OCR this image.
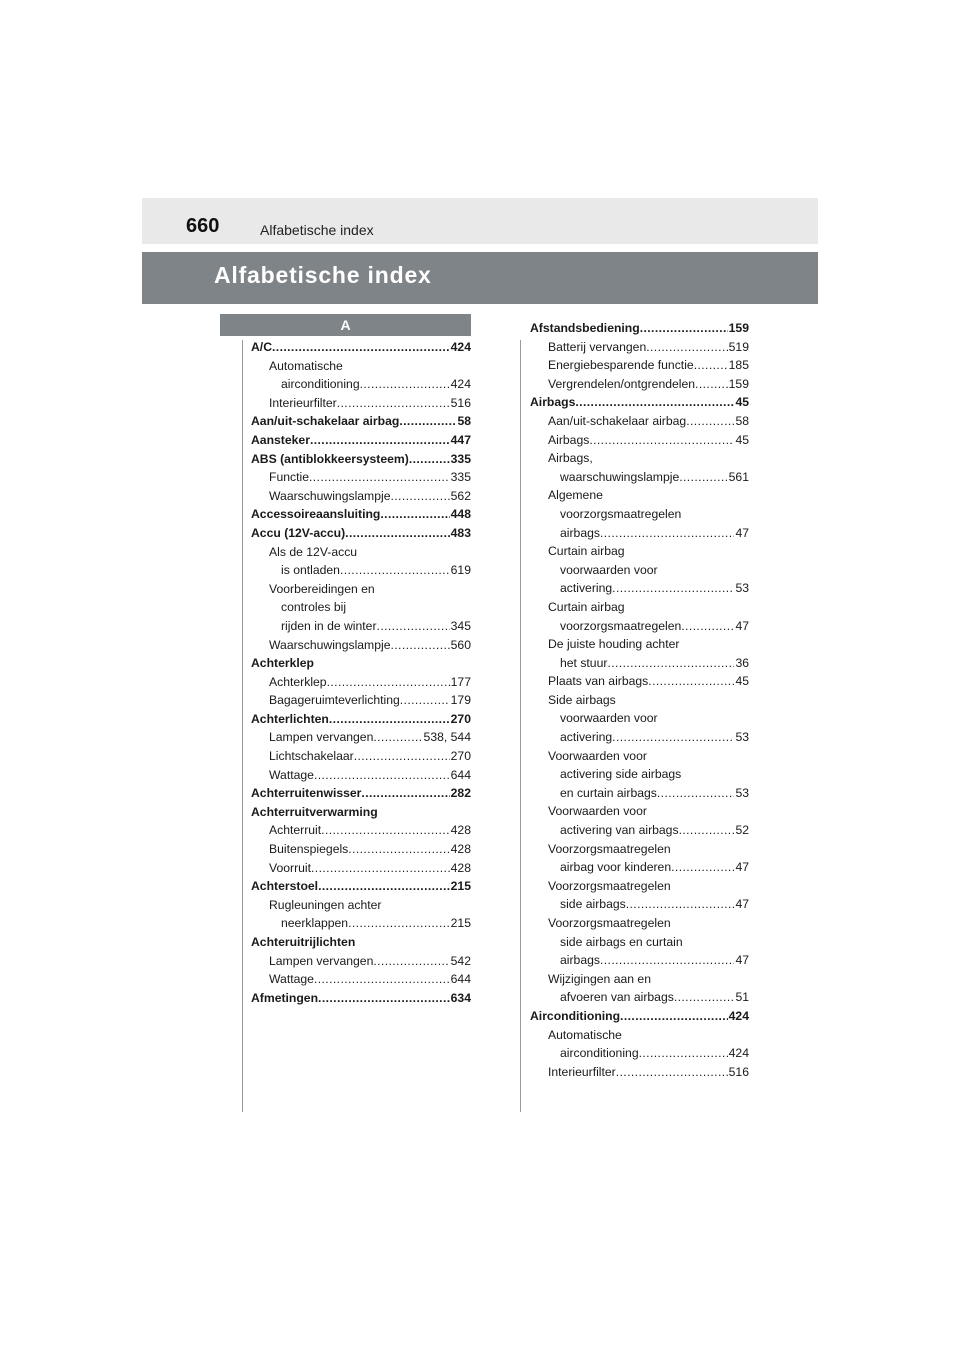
660	Alfabetische index
Alfabetische index
A
A/C .....	424
Automatische
airconditioning .....	424
Interieurfilter .....	516
Aan/uit-schakelaar airbag .....	58
Aansteker .....	447
ABS (antiblokkeersysteem) .....	335
Functie .....	335
Waarschuwingslampje .....	562
Accessoireaansluiting .....	448
Accu (12V-accu) .....	483
Als de 12V-accu
is ontladen .....	619
Voorbereidingen en
controles bij
rijden in de winter .....	345
Waarschuwingslampje .....	560
Achterklep
Achterklep .....	177
Bagageruimteverlichting .....	179
Achterlichten .....	270
Lampen vervangen .....	538, 544
Lichtschakelaar .....	270
Wattage .....	644
Achterruitenwisser .....	282
Achterruitverwarming
Achterruit .....	428
Buitenspiegels .....	428
Voorruit .....	428
Achterstoel .....	215
Rugleuningen achter
neerklappen .....	215
Achteruitrijlichten
Lampen vervangen .....	542
Wattage .....	644
Afmetingen .....	634
Afstandsbediening .....	159
Batterij vervangen .....	519
Energiebesparende functie .....	185
Vergrendelen/ontgrendelen .....	159
Airbags .....	45
Aan/uit-schakelaar airbag .....	58
Airbags .....	45
Airbags,
waarschuwingslampje .....	561
Algemene
voorzorgsmaatregelen
airbags .....	47
Curtain airbag
voorwaarden voor
activering .....	53
Curtain airbag
voorzorgsmaatregelen .....	47
De juiste houding achter
het stuur .....	36
Plaats van airbags .....	45
Side airbags
voorwaarden voor
activering .....	53
Voorwaarden voor
activering side airbags
en curtain airbags .....	53
Voorwaarden voor
activering van airbags .....	52
Voorzorgsmaatregelen
airbag voor kinderen .....	47
Voorzorgsmaatregelen
side airbags .....	47
Voorzorgsmaatregelen
side airbags en curtain
airbags .....	47
Wijzigingen aan en
afvoeren van airbags .....	51
Airconditioning .....	424
Automatische
airconditioning .....	424
Interieurfilter .....	516
